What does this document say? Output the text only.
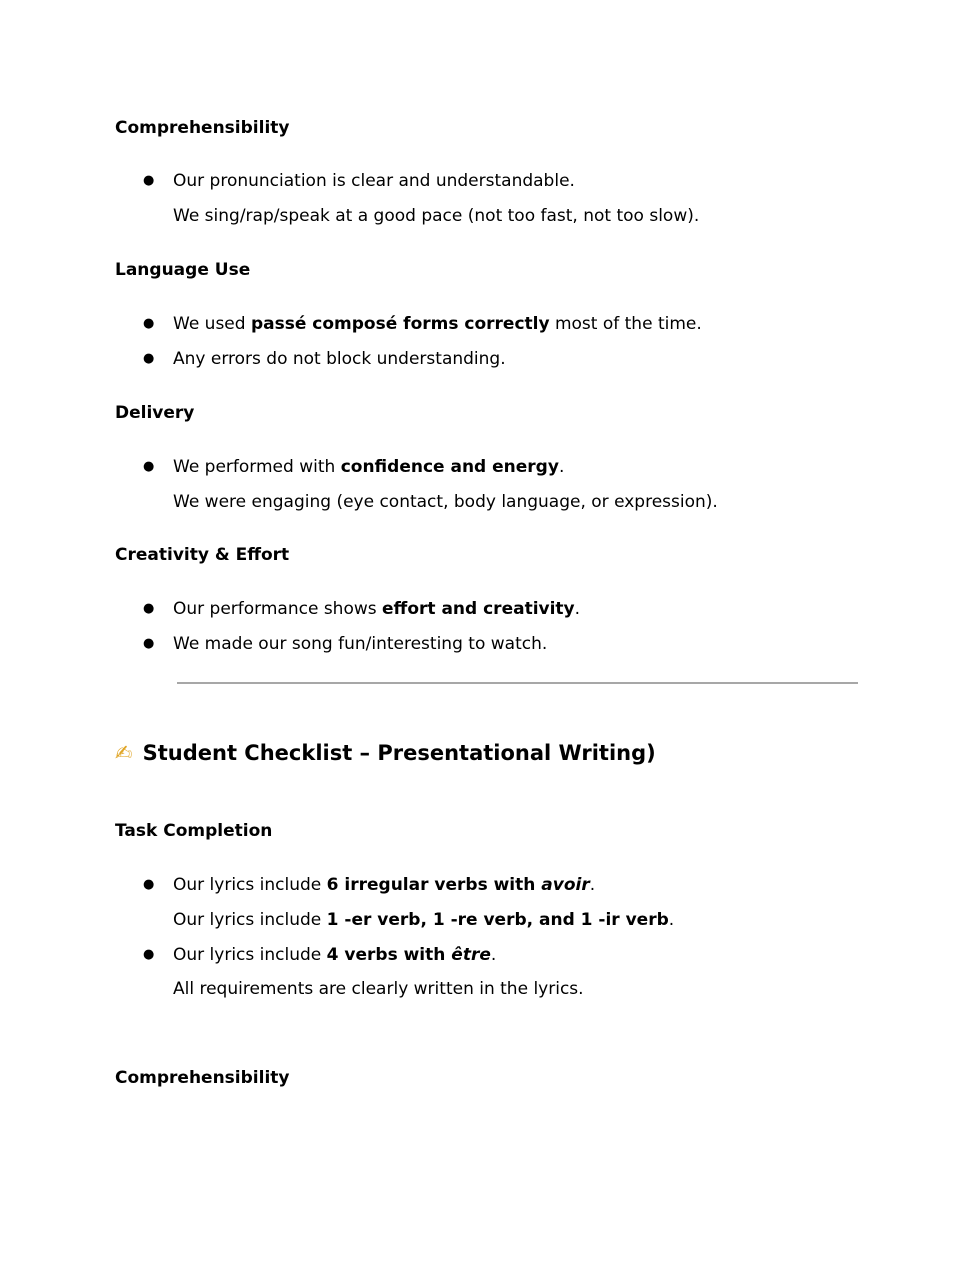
Comprehensibility
● Our pronunciation is clear and understandable.
We sing/rap/speak at a good pace (not too fast, not too slow).
Language Use
● We used passé composé forms correctly most of the time.
● Any errors do not block understanding.
Delivery
● We performed with confidence and energy.
We were engaging (eye contact, body language, or expression).
Creativity & Effort
● Our performance shows effort and creativity.
● We made our song fun/interesting to watch.
✍ Student Checklist – Presentational Writing)
Task Completion
● Our lyrics include 6 irregular verbs with avoir.
Our lyrics include 1 -er verb, 1 -re verb, and 1 -ir verb.
● Our lyrics include 4 verbs with être.
All requirements are clearly written in the lyrics.
Comprehensibility
